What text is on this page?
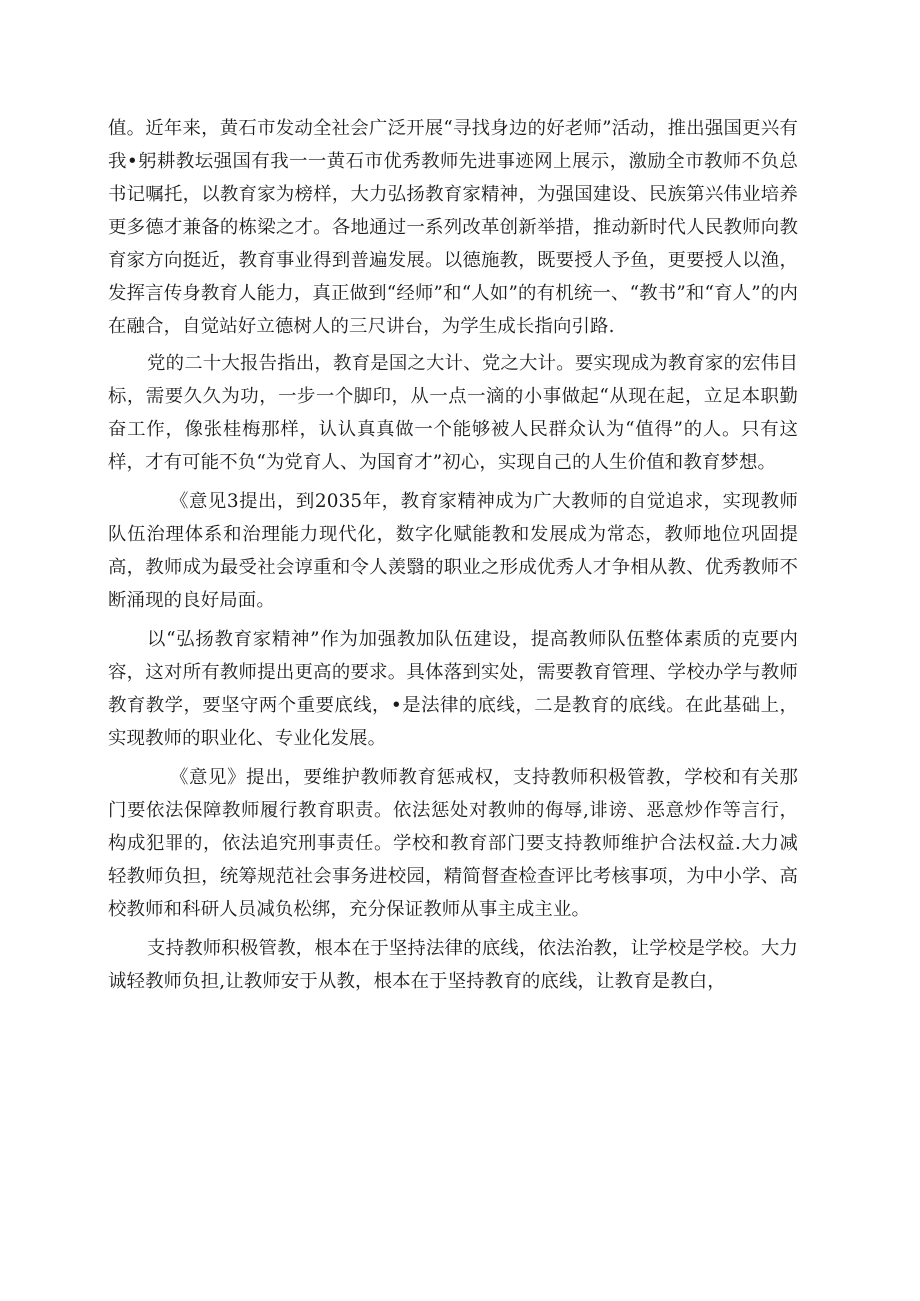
值。近年来，黄石市发动全社会广泛开展“寻找身边的好老师”活动，推出强国更兴有我•躬耕教坛强国有我一一黄石市优秀教师先进事迹网上展示，激励全市教师不负总书记嘱托，以教育家为榜样，大力弘扬教育家精神，为强国建设、民族第兴伟业培养更多德才兼备的栋梁之才。各地通过一系列改革创新举措，推动新时代人民教师向教育家方向挺近，教育事业得到普遍发展。以德施教，既要授人予鱼，更要授人以渔，发挥言传身教育人能力，真正做到“经师”和“人如”的有机统一、“教书”和“育人”的内在融合，自觉站好立德树人的三尺讲台，为学生成长指向引路.

党的二十大报告指出，教育是国之大计、党之大计。要实现成为教育家的宏伟目标，需要久久为功，一步一个脚印，从一点一滴的小事做起“从现在起，立足本职勤奋工作，像张桂梅那样，认认真真做一个能够被人民群众认为“值得”的人。只有这样，才有可能不负“为党育人、为国育才”初心，实现自己的人生价值和教育梦想。

《意见3提出，到2035年，教育家精神成为广大教师的自觉追求，实现教师队伍治理体系和治理能力现代化，数字化赋能教和发展成为常态，教师地位巩固提高，教师成为最受社会谆重和令人羡翳的职业之形成优秀人才争相从教、优秀教师不断涌现的良好局面。

以“弘扬教育家精神”作为加强教加队伍建设，提高教师队伍整体素质的克要内容，这对所有教师提出更高的要求。具体落到实处，需要教育管理、学校办学与教师教育教学，要坚守两个重要底线，•是法律的底线，二是教育的底线。在此基础上，实现教师的职业化、专业化发展。

《意见》提出，要维护教师教育惩戒权，支持教师积极管教，学校和有关那门要依法保障教师履行教育职责。依法惩处对教帅的侮辱,诽谤、恶意炒作等言行，构成犯罪的，依法追究刑事责任。学校和教育部门要支持教师维护合法权益.大力减轻教师负担，统筹规范社会事务进校园，精简督查检查评比考核事项，为中小学、高校教师和科研人员减负松绑，充分保证教师从事主成主业。

支持教师积极管教，根本在于坚持法律的底线，依法治教，让学校是学校。大力诚轻教师负担,让教师安于从教，根本在于坚持教育的底线，让教育是教白，
